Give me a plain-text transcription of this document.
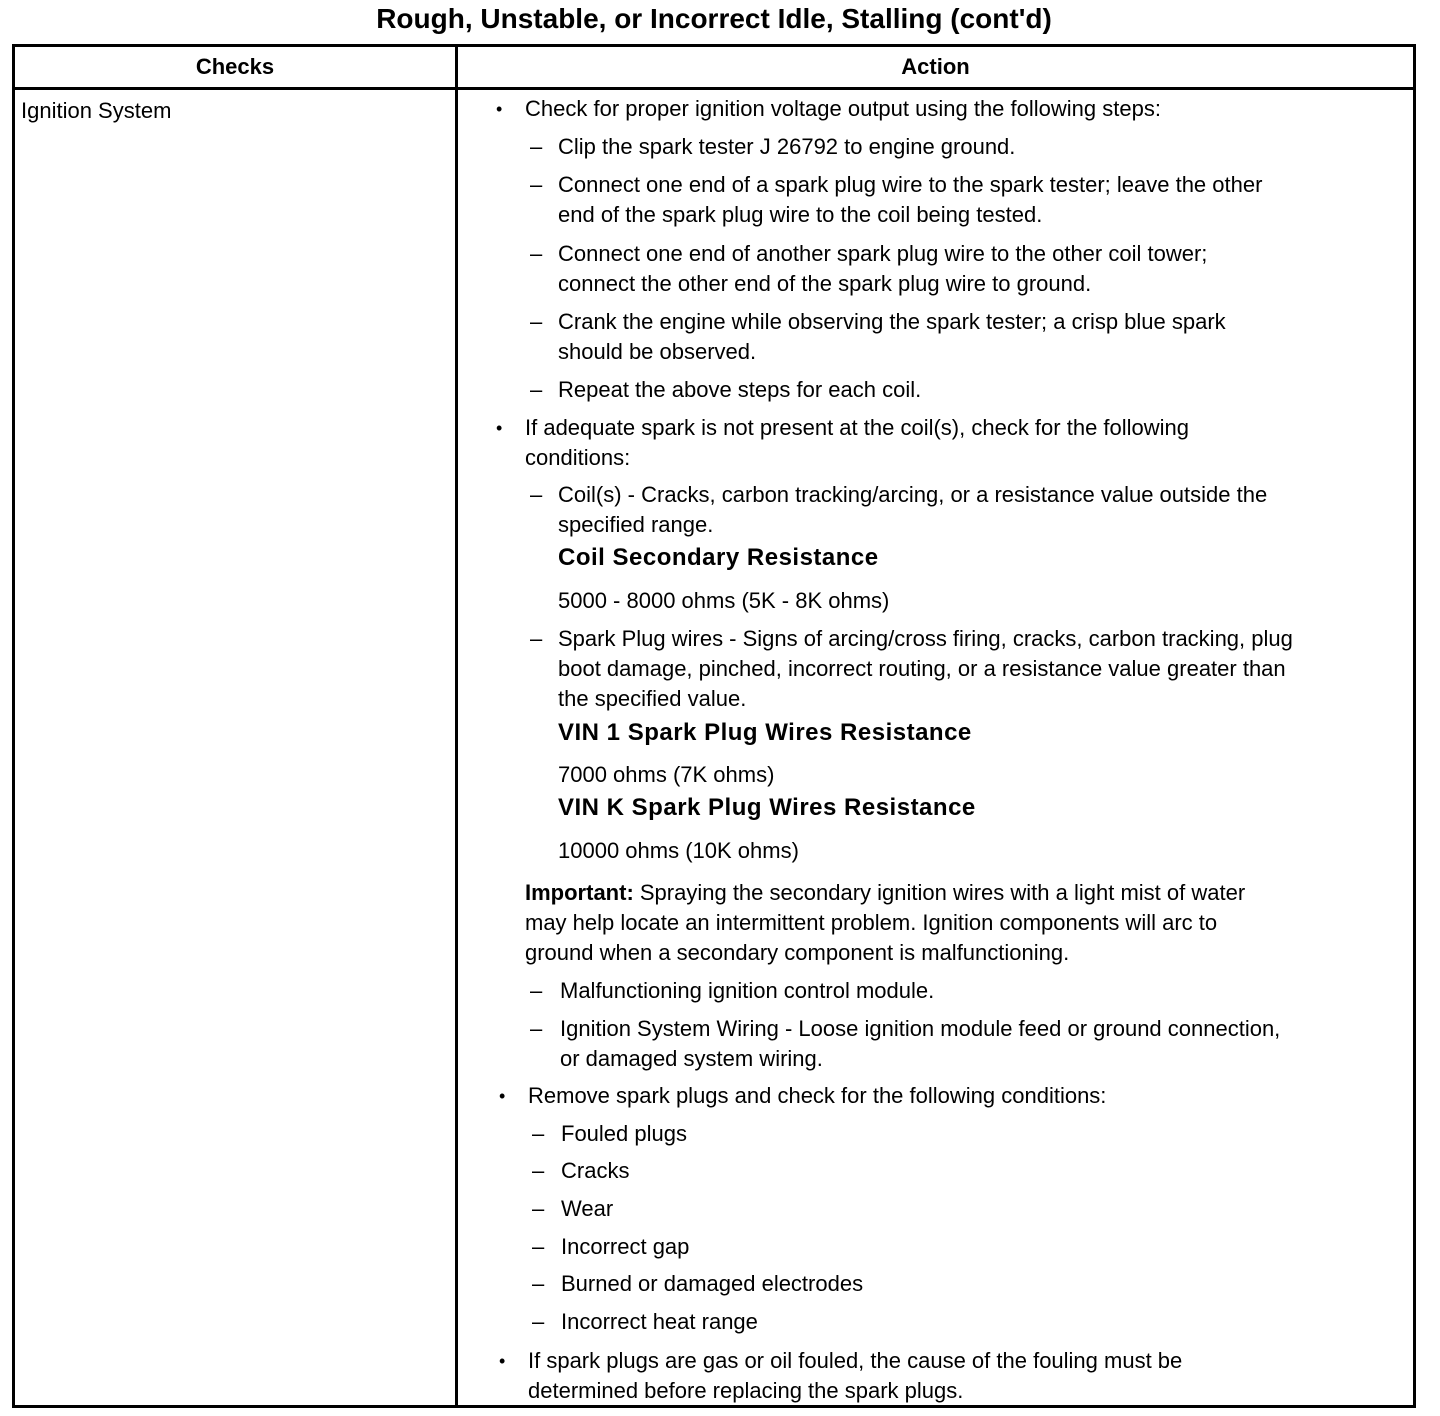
Rough, Unstable, or Incorrect Idle, Stalling (cont'd)
Checks	Action
Ignition System	• Check for proper ignition voltage output using the following steps:
– Clip the spark tester J 26792 to engine ground.
– Connect one end of a spark plug wire to the spark tester; leave the other
end of the spark plug wire to the coil being tested.
– Connect one end of another spark plug wire to the other coil tower;
connect the other end of the spark plug wire to ground.
– Crank the engine while observing the spark tester; a crisp blue spark
should be observed.
– Repeat the above steps for each coil.
• If adequate spark is not present at the coil(s), check for the following
conditions:
– Coil(s) - Cracks, carbon tracking/arcing, or a resistance value outside the
specified range.
Coil Secondary Resistance
5000 - 8000 ohms (5K - 8K ohms)
– Spark Plug wires - Signs of arcing/cross firing, cracks, carbon tracking, plug
boot damage, pinched, incorrect routing, or a resistance value greater than
the specified value.
VIN 1 Spark Plug Wires Resistance
7000 ohms (7K ohms)
VIN K Spark Plug Wires Resistance
10000 ohms (10K ohms)
Important: Spraying the secondary ignition wires with a light mist of water
may help locate an intermittent problem. Ignition components will arc to
ground when a secondary component is malfunctioning.
– Malfunctioning ignition control module.
– Ignition System Wiring - Loose ignition module feed or ground connection,
or damaged system wiring.
• Remove spark plugs and check for the following conditions:
– Fouled plugs
– Cracks
– Wear
– Incorrect gap
– Burned or damaged electrodes
– Incorrect heat range
• If spark plugs are gas or oil fouled, the cause of the fouling must be
determined before replacing the spark plugs.
